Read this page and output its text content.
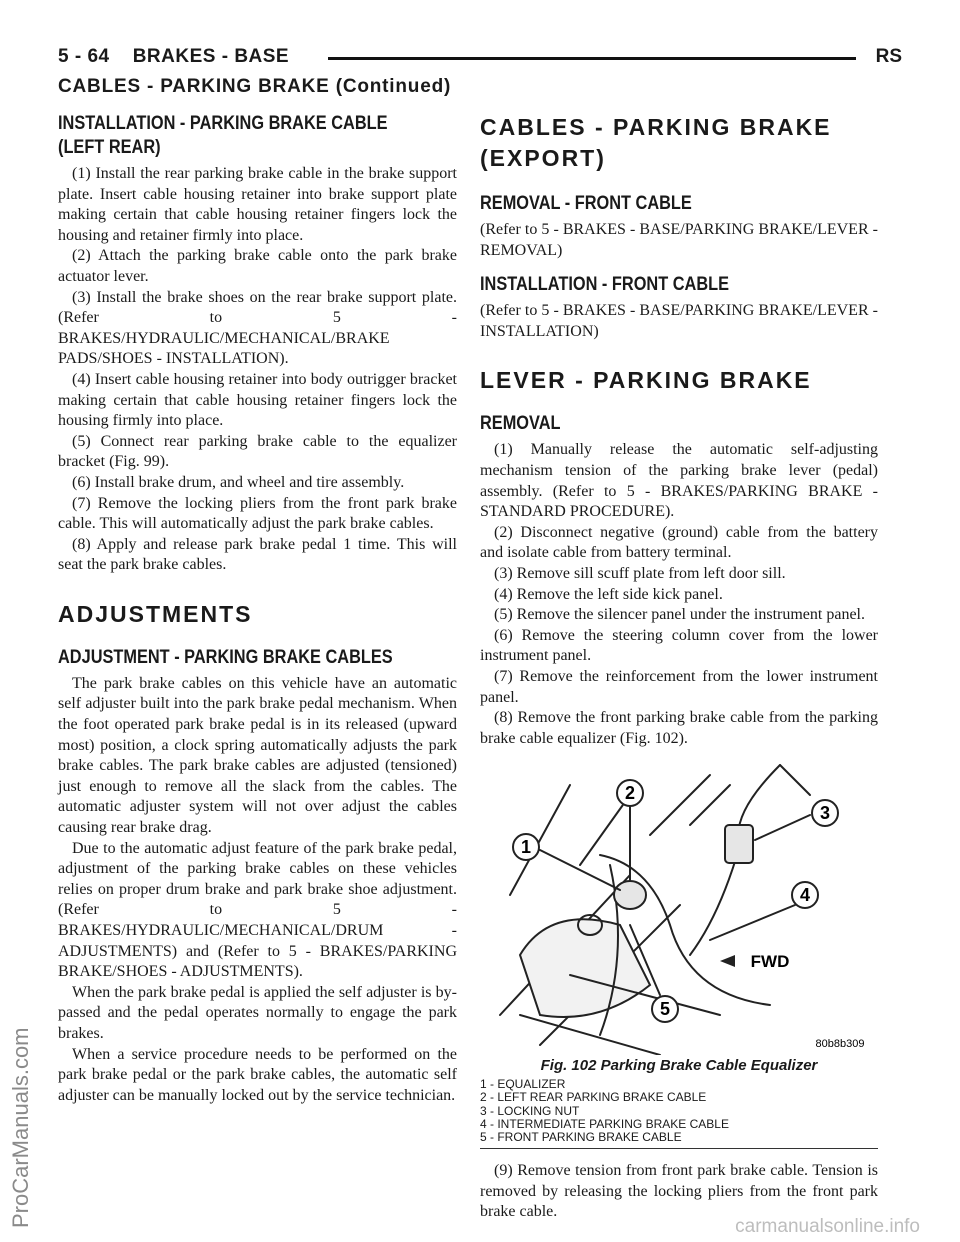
5 - 64    BRAKES - BASE	RS
CABLES - PARKING BRAKE (Continued)
INSTALLATION - PARKING BRAKE CABLE
(LEFT REAR)

(1) Install the rear parking brake cable in the brake support plate. Insert cable housing retainer into brake support plate making certain that cable housing retainer fingers lock the housing and retainer firmly into place.

(2) Attach the parking brake cable onto the park brake actuator lever.

(3) Install the brake shoes on the rear brake support plate. (Refer to 5 - BRAKES/HYDRAULIC/MECHANICAL/BRAKE PADS/SHOES - INSTALLATION).

(4) Insert cable housing retainer into body outrigger bracket making certain that cable housing retainer fingers lock the housing firmly into place.

(5) Connect rear parking brake cable to the equalizer bracket (Fig. 99).

(6) Install brake drum, and wheel and tire assembly.

(7) Remove the locking pliers from the front park brake cable. This will automatically adjust the park brake cables.

(8) Apply and release park brake pedal 1 time. This will seat the park brake cables.

ADJUSTMENTS
ADJUSTMENT - PARKING BRAKE CABLES

The park brake cables on this vehicle have an automatic self adjuster built into the park brake pedal mechanism. When the foot operated park brake pedal is in its released (upward most) position, a clock spring automatically adjusts the park brake cables. The park brake cables are adjusted (tensioned) just enough to remove all the slack from the cables. The automatic adjuster system will not over adjust the cables causing rear brake drag.

Due to the automatic adjust feature of the park brake pedal, adjustment of the parking brake cables on these vehicles relies on proper drum brake and park brake shoe adjustment. (Refer to 5 - BRAKES/HYDRAULIC/MECHANICAL/DRUM - ADJUSTMENTS) and (Refer to 5 - BRAKES/PARKING BRAKE/SHOES - ADJUSTMENTS).

When the park brake pedal is applied the self adjuster is by-passed and the pedal operates normally to engage the park brakes.

When a service procedure needs to be performed on the park brake pedal or the park brake cables, the automatic self adjuster can be manually locked out by the service technician.

CABLES - PARKING BRAKE
(EXPORT)
REMOVAL - FRONT CABLE

(Refer to 5 - BRAKES - BASE/PARKING BRAKE/LEVER - REMOVAL)

INSTALLATION - FRONT CABLE

(Refer to 5 - BRAKES - BASE/PARKING BRAKE/LEVER - INSTALLATION)

LEVER - PARKING BRAKE
REMOVAL

(1) Manually release the automatic self-adjusting mechanism tension of the parking brake lever (pedal) assembly. (Refer to 5 - BRAKES/PARKING BRAKE - STANDARD PROCEDURE).

(2) Disconnect negative (ground) cable from the battery and isolate cable from battery terminal.

(3) Remove sill scuff plate from left door sill.

(4) Remove the left side kick panel.

(5) Remove the silencer panel under the instrument panel.

(6) Remove the steering column cover from the lower instrument panel.

(7) Remove the reinforcement from the lower instrument panel.

(8) Remove the front parking brake cable from the parking brake cable equalizer (Fig. 102).

1
2
3
4
5
FWD
80b8b309
Fig. 102 Parking Brake Cable Equalizer
1 - EQUALIZER
2 - LEFT REAR PARKING BRAKE CABLE
3 - LOCKING NUT
4 - INTERMEDIATE PARKING BRAKE CABLE
5 - FRONT PARKING BRAKE CABLE

(9) Remove tension from front park brake cable. Tension is removed by releasing the locking pliers from the front park brake cable.

ProCarManuals.com	carmanualsonline.info
